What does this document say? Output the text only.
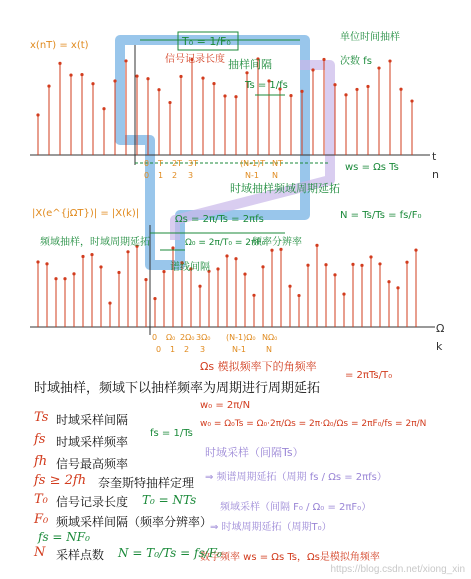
x(nT) = x(t)	T₀ = 1/F₀
信号记录长度 抽样间隔
Ts = 1/fs
单位时间抽样
次数 fs
t
n
0 T 2T 3T	(N-1)T NT
0 1 2 3	N-1 N
ws = Ωs Ts
时域抽样频域周期延拓
N = Ts/Ts = fs/F₀
|X(e^{jΩT})| = |X(k)|
Ωs = 2π/Ts = 2πfs
Ω₀ = 2π/T₀ = 2πF₀
频率分辨率
谱线间隔
频域抽样，时域周期延拓
Ω
k
0 Ω₀ 2Ω₀ 3Ω₀ (N-1)Ω₀ NΩ₀
0 1 2 3	N-1	N
Ωs 模拟频率下的角频率
= 2πTs/T₀
w₀ = 2π/N
w₀ = Ω₀Ts = Ω₀·2π/Ωs = 2π·Ω₀/Ωs = 2πF₀/fs = 2π/N
fs = 1/Ts
时域采样（间隔Ts）
⇒ 频谱周期延拓（周期 fs / Ωs = 2πfs）
频域采样（间隔 F₀ / Ω₀ = 2πF₀）
⇒ 时域周期延拓（周期T₀）
数字频率 ws = Ωs Ts，Ωs是模拟角频率
时域抽样，频域下以抽样频率为周期进行周期延拓
Ts 时域采样间隔
fs 时域采样频率
fh 信号最高频率
fs ≥ 2fh 奈奎斯特抽样定理
T₀ 信号记录长度 T₀ = NTs
F₀ 频域采样间隔（频率分辨率）
fs = NF₀
N 采样点数 N = T₀/Ts = fs/F₀
https://blog.csdn.net/xiong_xin
